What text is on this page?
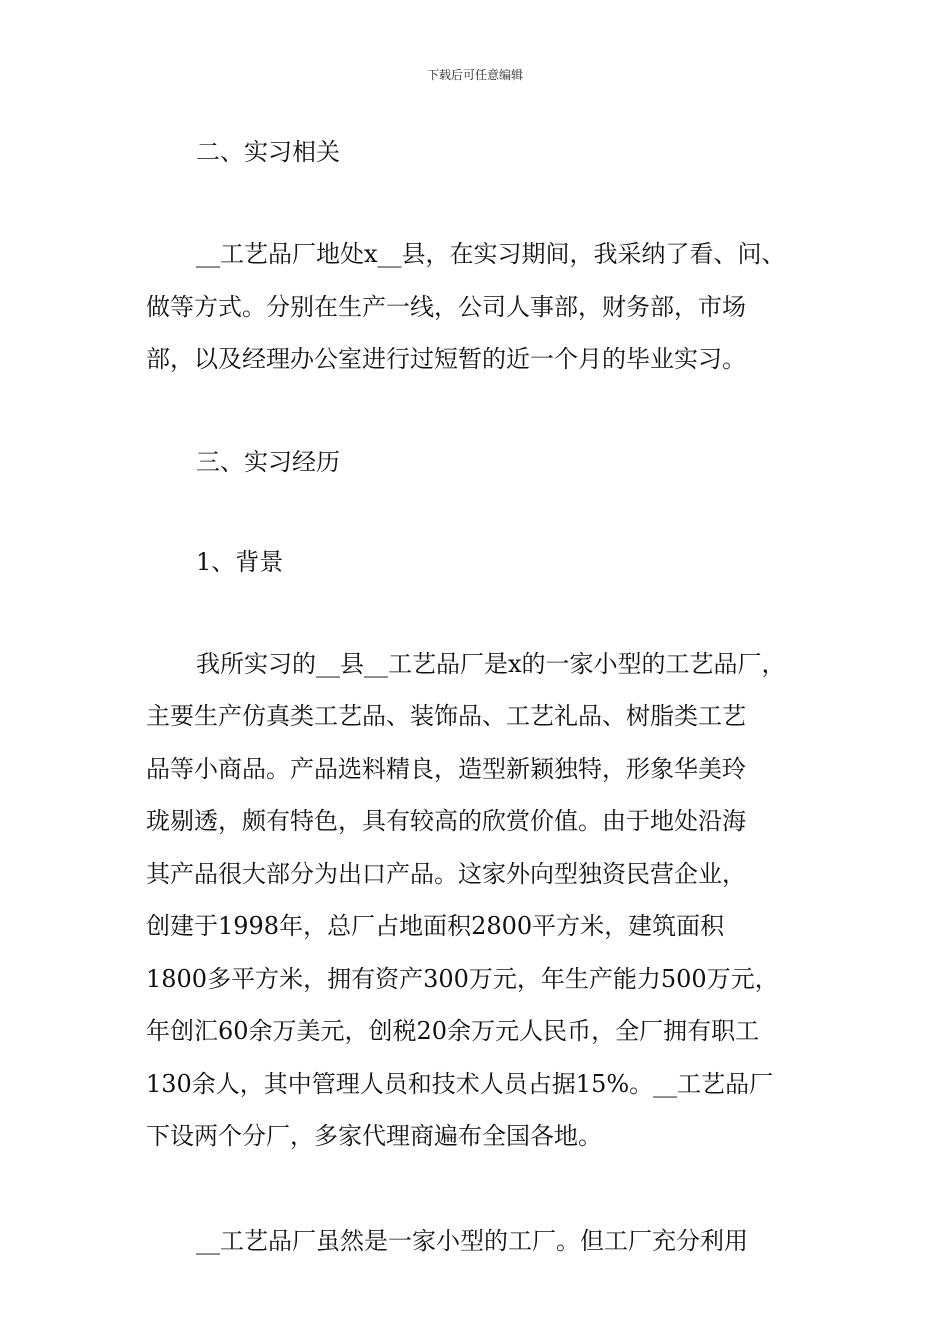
下载后可任意编辑
二、实习相关
__工艺品厂地处x__县，在实习期间，我采纳了看、问、
做等方式。分别在生产一线，公司人事部，财务部，市场
部，以及经理办公室进行过短暂的近一个月的毕业实习。
三、实习经历
1、背景
我所实习的__县__工艺品厂是x的一家小型的工艺品厂，
主要生产仿真类工艺品、装饰品、工艺礼品、树脂类工艺
品等小商品。产品选料精良，造型新颖独特，形象华美玲
珑剔透，颇有特色，具有较高的欣赏价值。由于地处沿海
其产品很大部分为出口产品。这家外向型独资民营企业，
创建于1998年，总厂占地面积2800平方米，建筑面积
1800多平方米，拥有资产300万元，年生产能力500万元，
年创汇60余万美元，创税20余万元人民币，全厂拥有职工
130余人，其中管理人员和技术人员占据15%。__工艺品厂
下设两个分厂，多家代理商遍布全国各地。
__工艺品厂虽然是一家小型的工厂。但工厂充分利用
